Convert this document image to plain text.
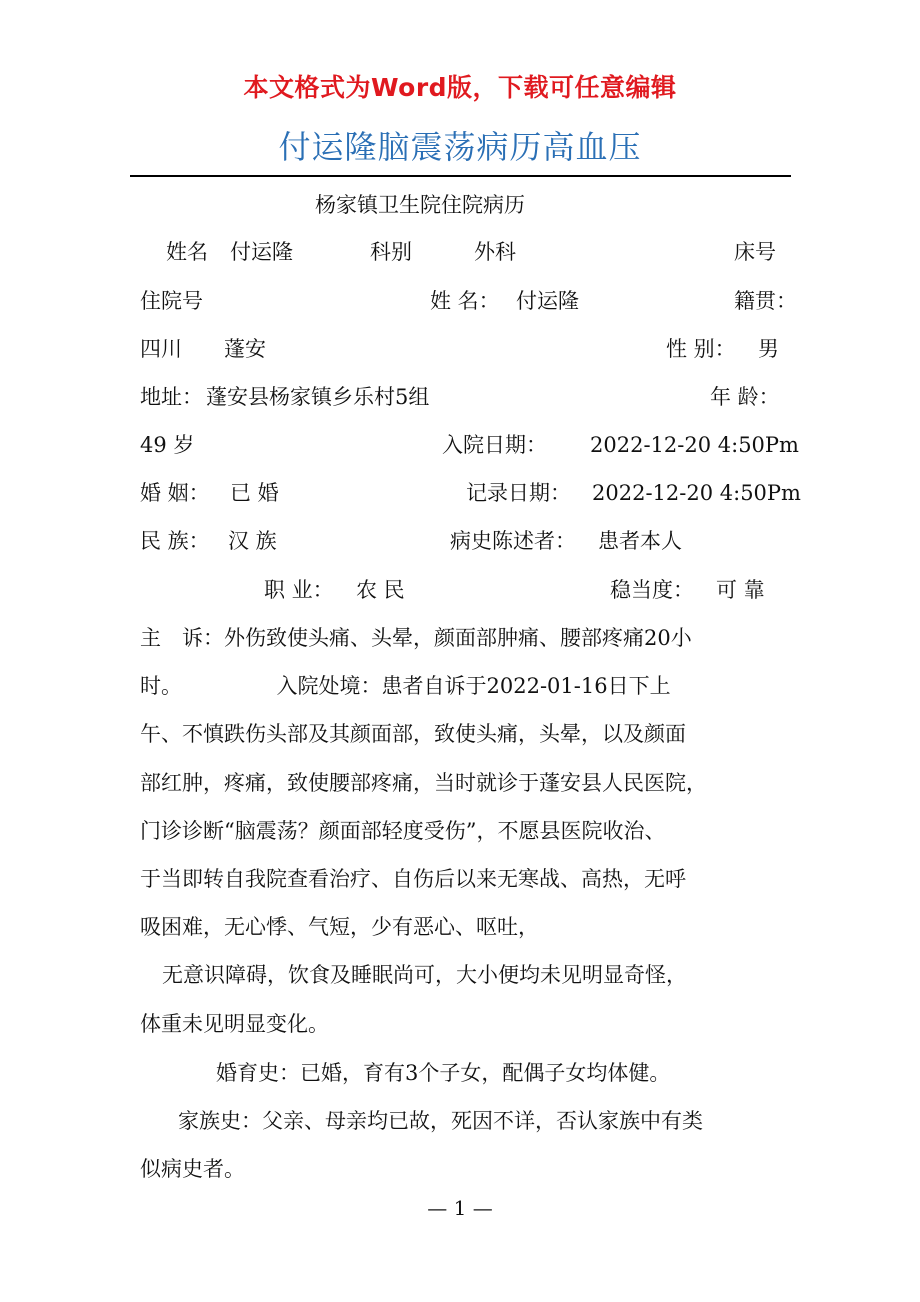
本文格式为Word版，下载可任意编辑
付运隆脑震荡病历高血压
杨家镇卫生院住院病历
姓名 付运隆	科别	外科	床号
住院号	姓 名： 付运隆	籍贯：
四川　　蓬安	性 别： 男
地址： 蓬安县杨家镇乡乐村5组	年 龄：
49 岁	入院日期： 2022-12-20 4:50Pm
婚 姻： 已 婚	记录日期： 2022-12-20 4:50Pm
民 族： 汉 族	病史陈述者： 患者本人
职 业： 农 民	稳当度： 可 靠
主　诉：外伤致使头痛、头晕，颜面部肿痛、腰部疼痛20小
时。　　　　　入院处境：患者自诉于2022-01-16日下上
午、不慎跌伤头部及其颜面部，致使头痛，头晕，以及颜面
部红肿，疼痛，致使腰部疼痛，当时就诊于蓬安县人民医院，
门诊诊断“脑震荡？颜面部轻度受伤”，不愿县医院收治、
于当即转自我院查看治疗、自伤后以来无寒战、高热，无呼
吸困难，无心悸、气短，少有恶心、呕吐，
无意识障碍，饮食及睡眠尚可，大小便均未见明显奇怪，
体重未见明显变化。
婚育史：已婚，育有3个子女，配偶子女均体健。
家族史：父亲、母亲均已故，死因不详，否认家族中有类
似病史者。
— 1 —
